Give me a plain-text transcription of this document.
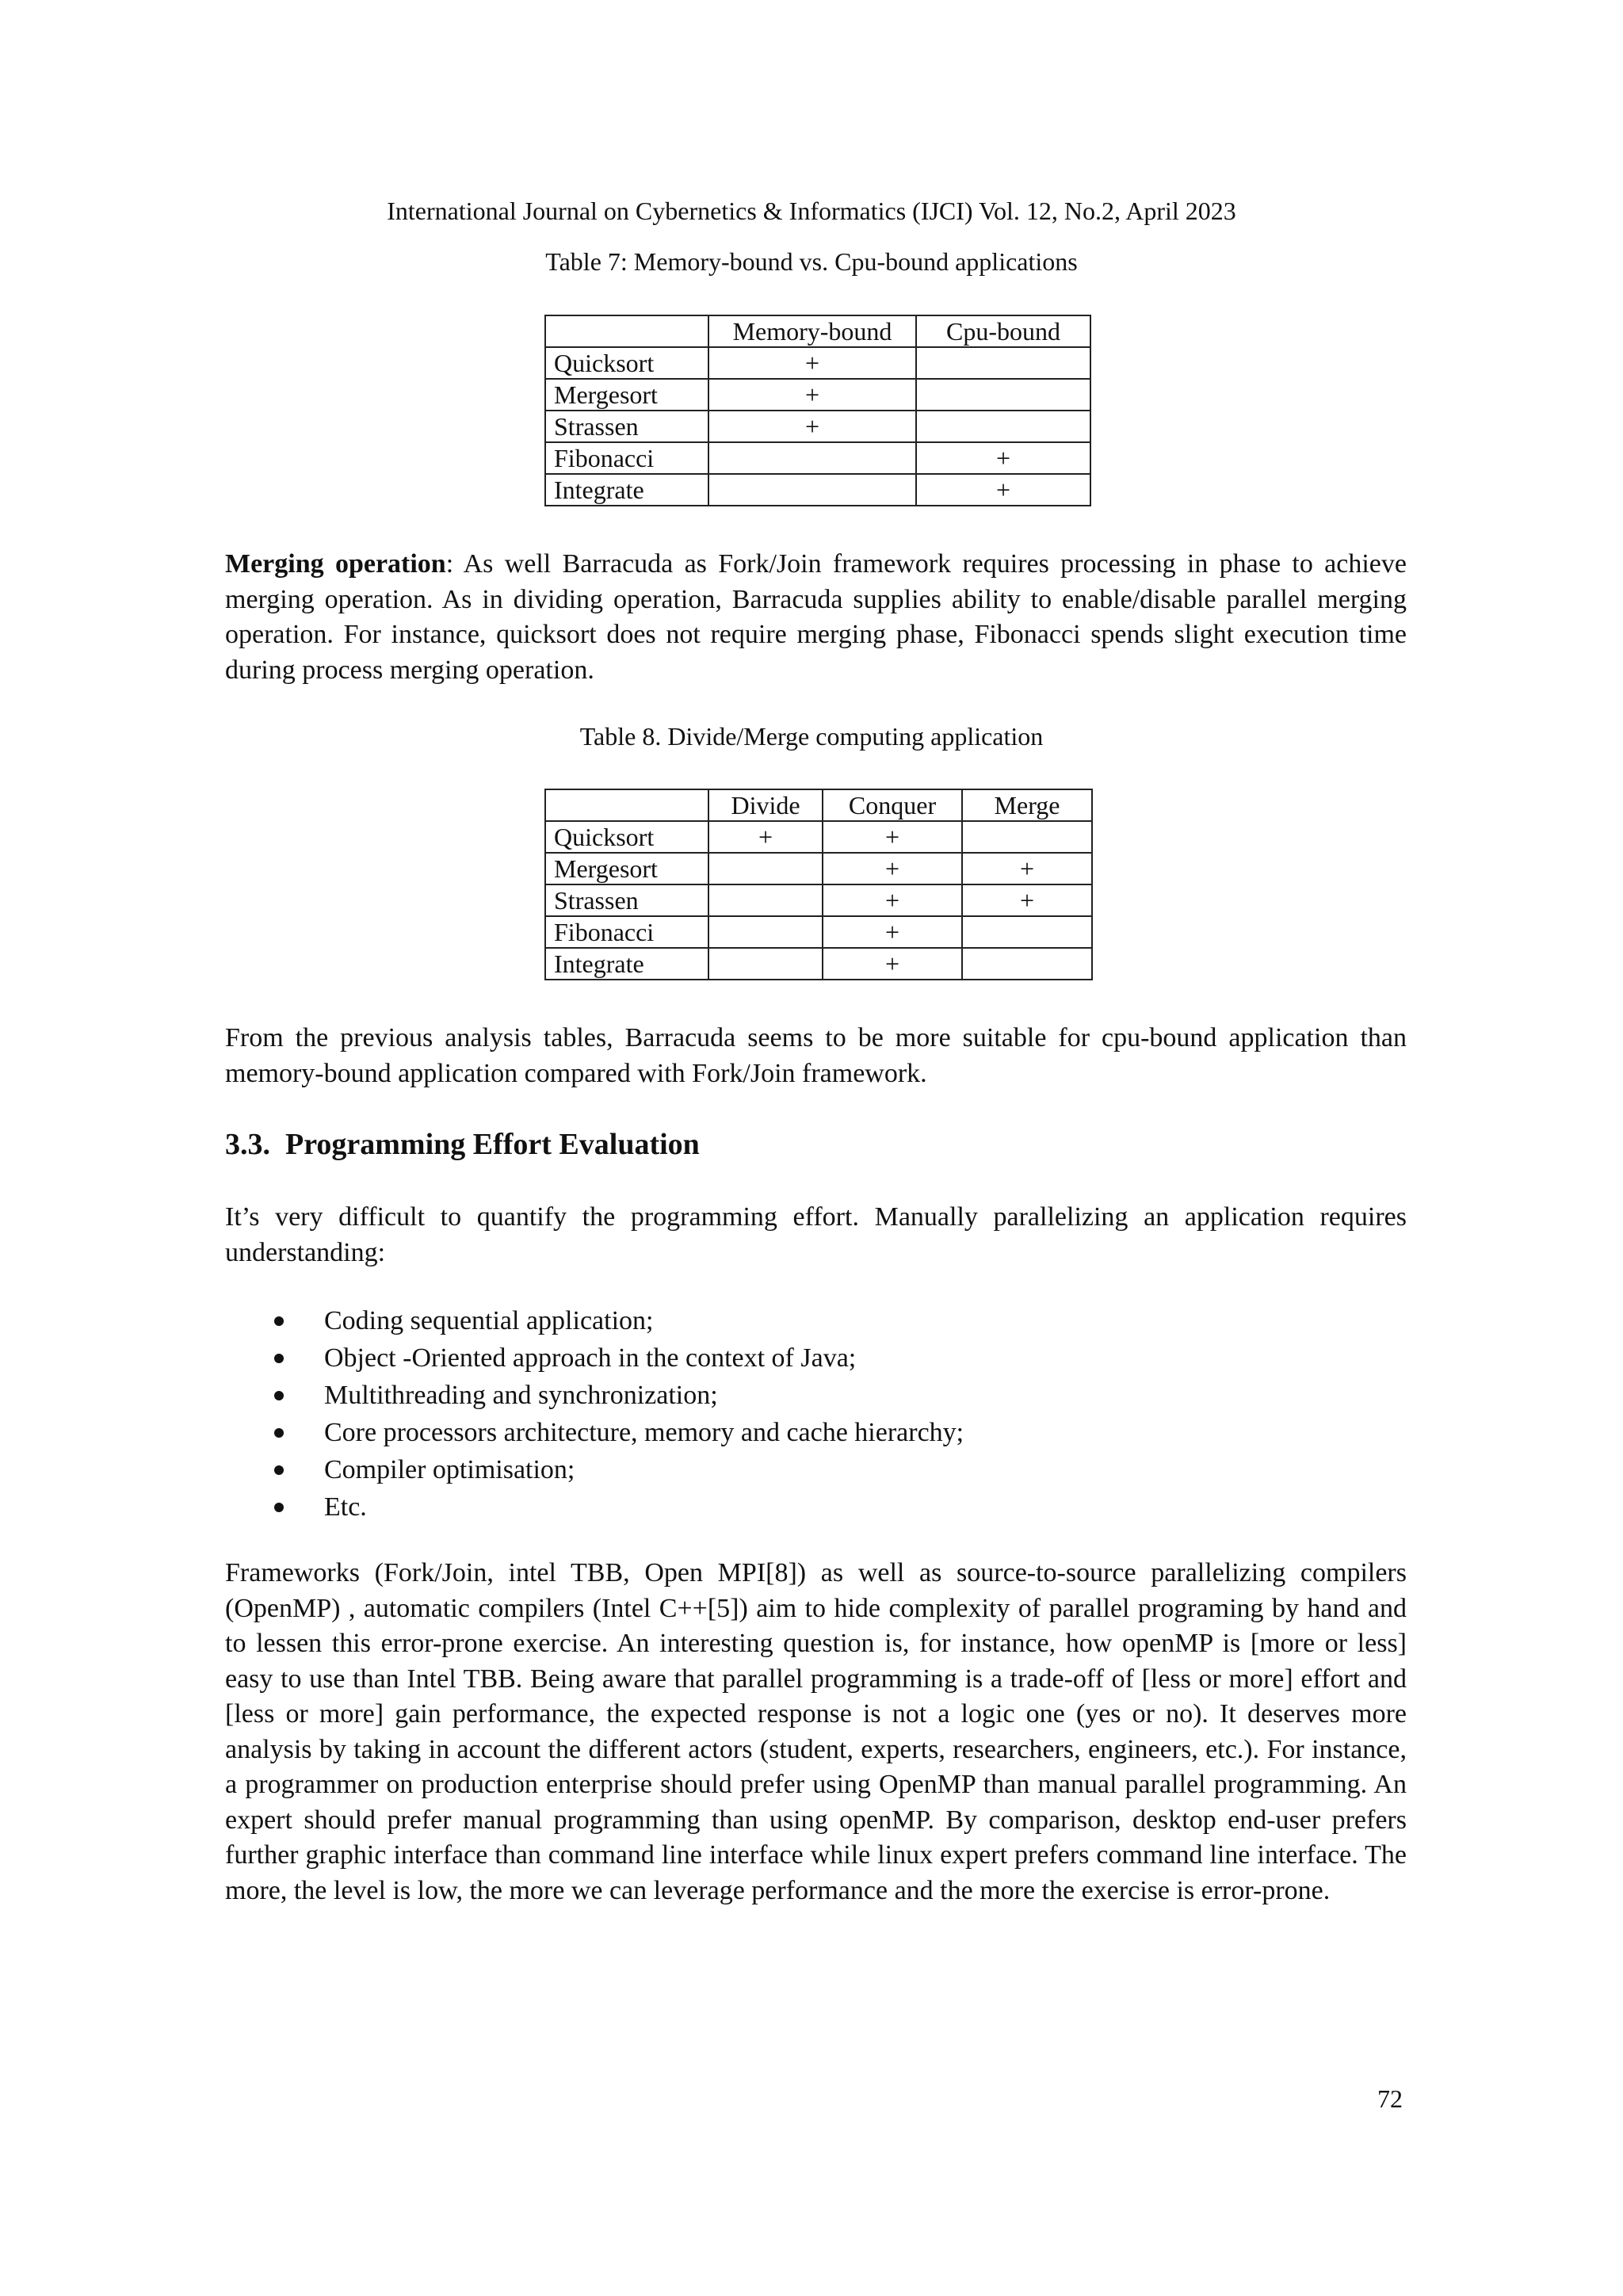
International Journal on Cybernetics & Informatics (IJCI) Vol. 12, No.2, April 2023
Table 7: Memory-bound vs. Cpu-bound applications
	Memory-bound	Cpu-bound
Quicksort	+	
Mergesort	+	
Strassen	+	
Fibonacci		+
Integrate		+
Merging operation: As well Barracuda as Fork/Join framework requires processing in phase to achieve merging operation. As in dividing operation, Barracuda supplies ability to enable/disable parallel merging operation. For instance, quicksort does not require merging phase, Fibonacci spends slight execution time during process merging operation.
Table 8. Divide/Merge computing application
	Divide	Conquer	Merge
Quicksort	+	+	
Mergesort		+	+
Strassen		+	+
Fibonacci		+	
Integrate		+	
From the previous analysis tables, Barracuda seems to be more suitable for cpu-bound application than memory-bound application compared with Fork/Join framework.
3.3. Programming Effort Evaluation
It’s very difficult to quantify the programming effort. Manually parallelizing an application requires understanding:
Coding sequential application;
Object -Oriented approach in the context of Java;
Multithreading and synchronization;
Core processors architecture, memory and cache hierarchy;
Compiler optimisation;
Etc.
Frameworks (Fork/Join, intel TBB, Open MPI[8]) as well as source-to-source parallelizing compilers (OpenMP) , automatic compilers (Intel C++[5]) aim to hide complexity of parallel programing by hand and to lessen this error-prone exercise. An interesting question is, for instance, how openMP is [more or less] easy to use than Intel TBB. Being aware that parallel programming is a trade-off of [less or more] effort and [less or more] gain performance, the expected response is not a logic one (yes or no). It deserves more analysis by taking in account the different actors (student, experts, researchers, engineers, etc.). For instance, a programmer on production enterprise should prefer using OpenMP than manual parallel programming. An expert should prefer manual programming than using openMP. By comparison, desktop end-user prefers further graphic interface than command line interface while linux expert prefers command line interface. The more, the level is low, the more we can leverage performance and the more the exercise is error-prone.
72
